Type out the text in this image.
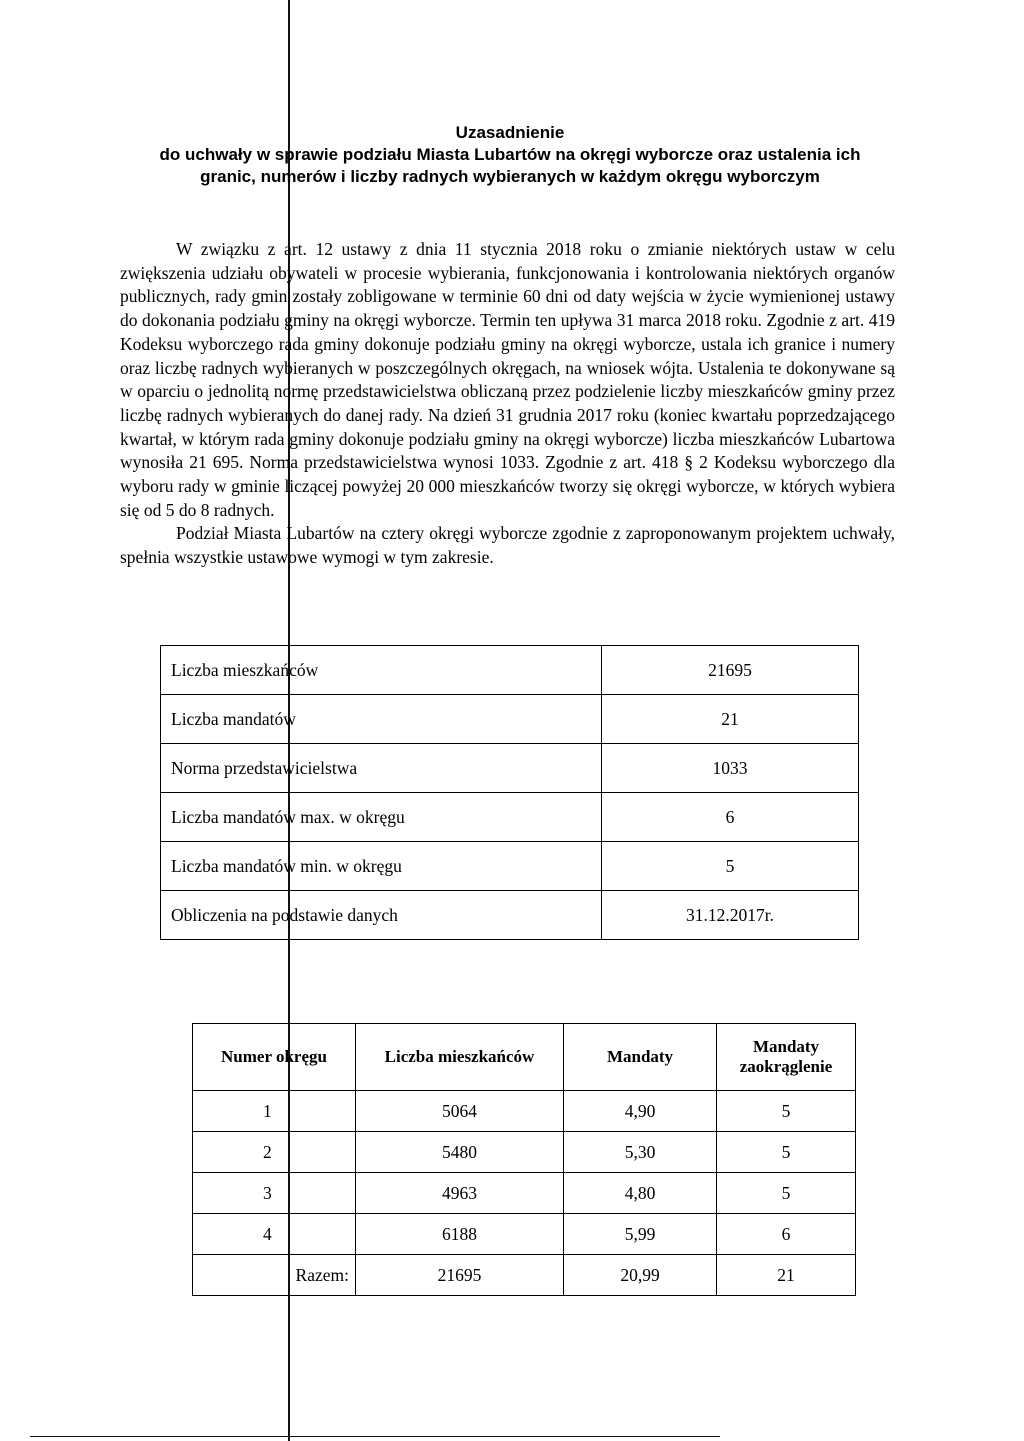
Uzasadnienie
do uchwały w sprawie podziału Miasta Lubartów na okręgi wyborcze oraz ustalenia ich
granic, numerów i liczby radnych wybieranych w każdym okręgu wyborczym

W związku z art. 12 ustawy z dnia 11 stycznia 2018 roku o zmianie niektórych ustaw w celu zwiększenia udziału obywateli w procesie wybierania, funkcjonowania i kontrolowania niektórych organów publicznych, rady gmin zostały zobligowane w terminie 60 dni od daty wejścia w życie wymienionej ustawy do dokonania podziału gminy na okręgi wyborcze. Termin ten upływa 31 marca 2018 roku. Zgodnie z art. 419 Kodeksu wyborczego rada gminy dokonuje podziału gminy na okręgi wyborcze, ustala ich granice i numery oraz liczbę radnych wybieranych w poszczególnych okręgach, na wniosek wójta. Ustalenia te dokonywane są w oparciu o jednolitą normę przedstawicielstwa obliczaną przez podzielenie liczby mieszkańców gminy przez liczbę radnych wybieranych do danej rady. Na dzień 31 grudnia 2017 roku (koniec kwartału poprzedzającego kwartał, w którym rada gminy dokonuje podziału gminy na okręgi wyborcze) liczba mieszkańców Lubartowa wynosiła 21 695. Norma przedstawicielstwa wynosi 1033. Zgodnie z art. 418 § 2 Kodeksu wyborczego dla wyboru rady w gminie liczącej powyżej 20 000 mieszkańców tworzy się okręgi wyborcze, w których wybiera się od 5 do 8 radnych.

Podział Miasta Lubartów na cztery okręgi wyborcze zgodnie z zaproponowanym projektem uchwały, spełnia wszystkie ustawowe wymogi w tym zakresie.

Liczba mieszkańców	21695
Liczba mandatów	21
Norma przedstawicielstwa	1033
Liczba mandatów max. w okręgu	6
Liczba mandatów min. w okręgu	5
Obliczenia na podstawie danych	31.12.2017r.
Numer okręgu	Liczba mieszkańców	Mandaty	Mandaty zaokrąglenie
1	5064	4,90	5
2	5480	5,30	5
3	4963	4,80	5
4	6188	5,99	6
Razem:	21695	20,99	21
